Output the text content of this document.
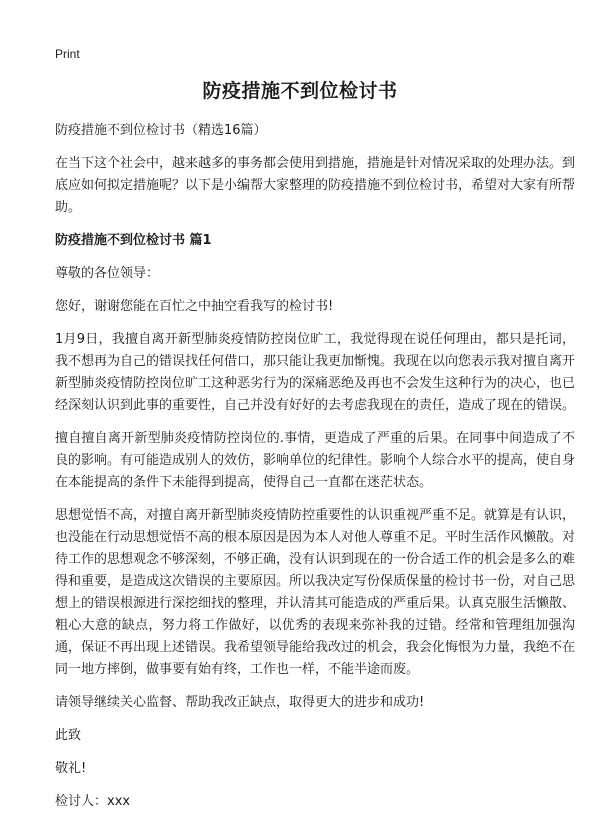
Print
防疫措施不到位检讨书

防疫措施不到位检讨书（精选16篇）

在当下这个社会中，越来越多的事务都会使用到措施，措施是针对情况采取的处理办法。到底应如何拟定措施呢？以下是小编帮大家整理的防疫措施不到位检讨书，希望对大家有所帮助。

防疫措施不到位检讨书 篇1

尊敬的各位领导：

您好，谢谢您能在百忙之中抽空看我写的检讨书!

1月9日，我擅自离开新型肺炎疫情防控岗位旷工，我觉得现在说任何理由，都只是托词，我不想再为自己的错误找任何借口，那只能让我更加惭愧。我现在以向您表示我对擅自离开新型肺炎疫情防控岗位旷工这种恶劣行为的深痛恶绝及再也不会发生这种行为的决心，也已经深刻认识到此事的重要性，自己并没有好好的去考虑我现在的责任，造成了现在的错误。

擅自擅自离开新型肺炎疫情防控岗位的.事情，更造成了严重的后果。在同事中间造成了不良的影响。有可能造成别人的效仿，影响单位的纪律性。影响个人综合水平的提高，使自身在本能提高的条件下未能得到提高，使得自己一直都在迷茫状态。

思想觉悟不高，对擅自离开新型肺炎疫情防控重要性的认识重视严重不足。就算是有认识，也没能在行动思想觉悟不高的根本原因是因为本人对他人尊重不足。平时生活作风懒散。对待工作的思想观念不够深刻，不够正确，没有认识到现在的一份合适工作的机会是多么的难得和重要，是造成这次错误的主要原因。所以我决定写份保质保量的检讨书一份，对自己思想上的错误根源进行深挖细找的整理，并认清其可能造成的严重后果。认真克服生活懒散、粗心大意的缺点，努力将工作做好，以优秀的表现来弥补我的过错。经常和管理组加强沟通，保证不再出现上述错误。我希望领导能给我改过的机会，我会化悔恨为力量，我绝不在同一地方摔倒，做事要有始有终，工作也一样，不能半途而废。

请领导继续关心监督、帮助我改正缺点，取得更大的进步和成功!

此致

敬礼!

检讨人：xxx
